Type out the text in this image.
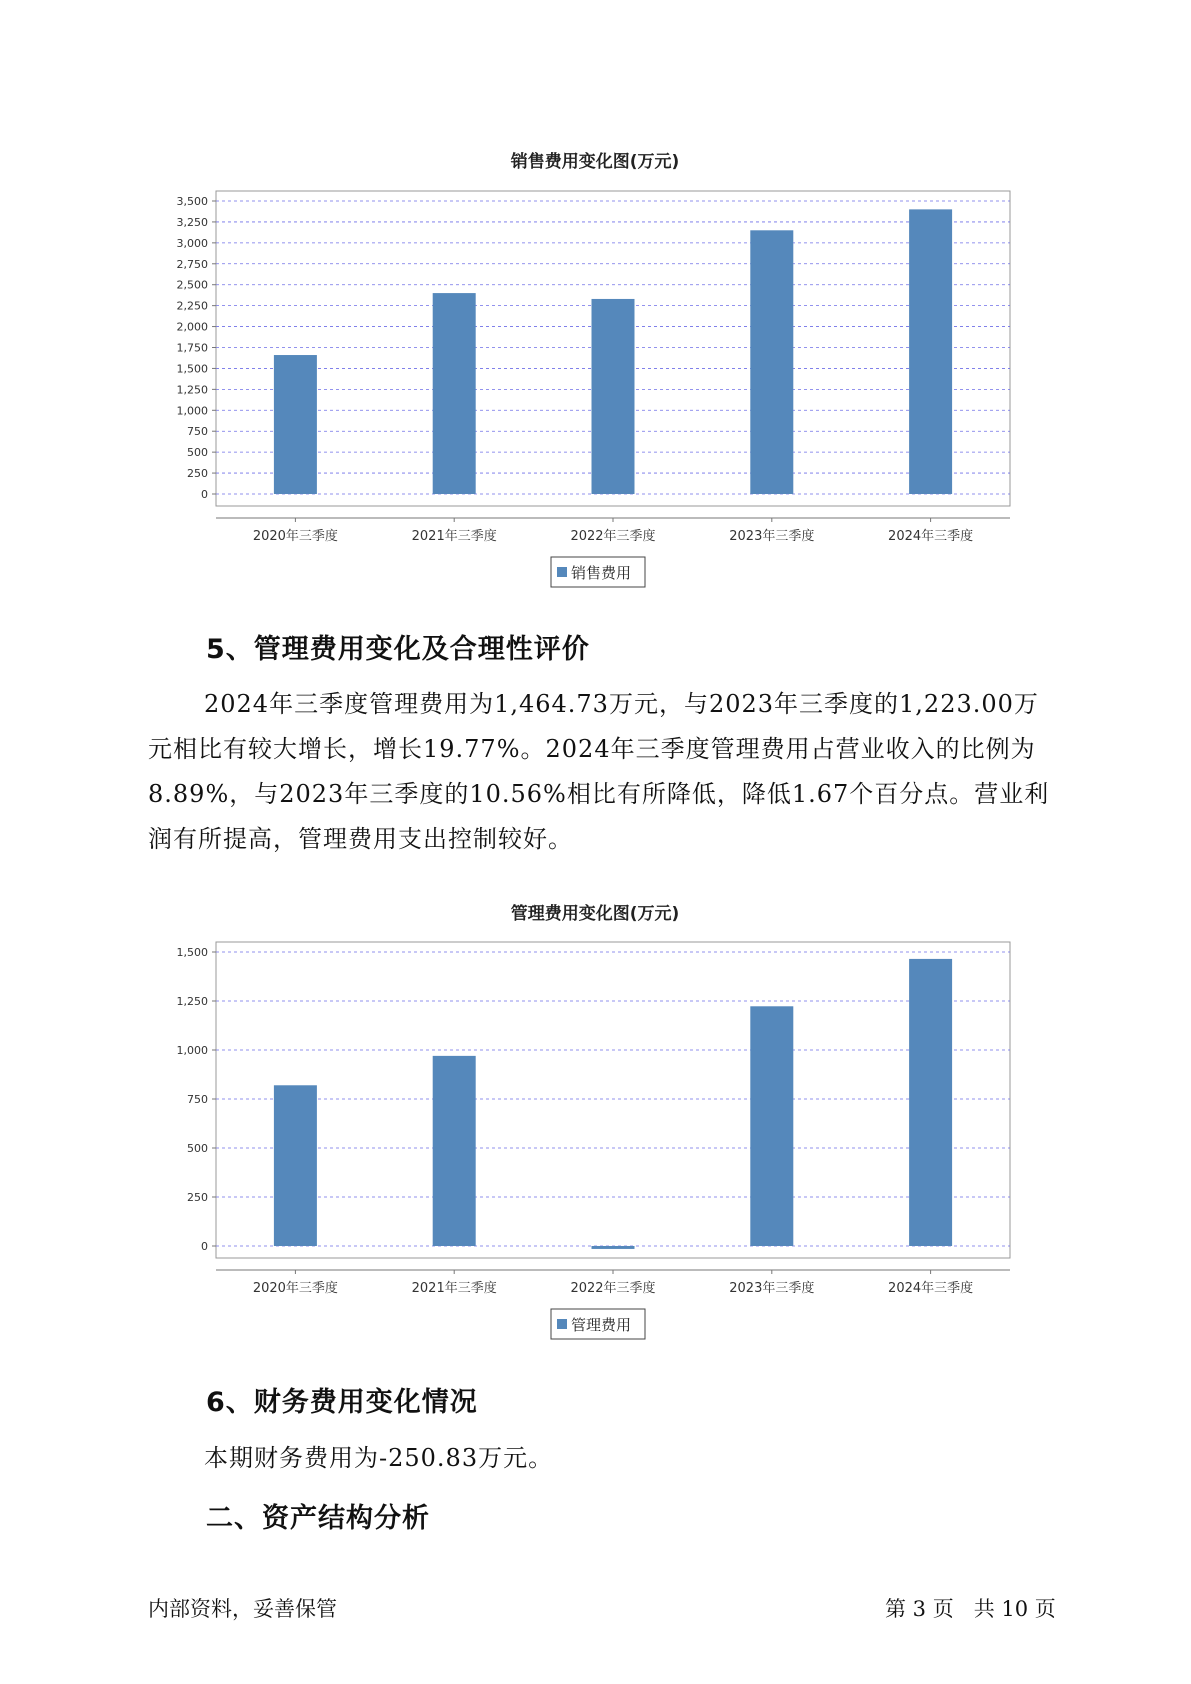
销售费用变化图(万元)
0
250
500
750
1,000
1,250
1,500
1,750
2,000
2,250
2,500
2,750
3,000
3,250
3,500
2020年三季度	2021年三季度	2022年三季度	2023年三季度	2024年三季度
销售费用
5、管理费用变化及合理性评价

2024年三季度管理费用为1,464.73万元，与2023年三季度的1,223.00万元相比有较大增长，增长19.77%。2024年三季度管理费用占营业收入的比例为8.89%，与2023年三季度的10.56%相比有所降低，降低1.67个百分点。营业利润有所提高，管理费用支出控制较好。

管理费用变化图(万元)
0
250
500
750
1,000
1,250
1,500
2020年三季度	2021年三季度	2022年三季度	2023年三季度	2024年三季度
管理费用
6、财务费用变化情况

本期财务费用为-250.83万元。

二、资产结构分析

内部资料，妥善保管	第 3 页   共 10 页
